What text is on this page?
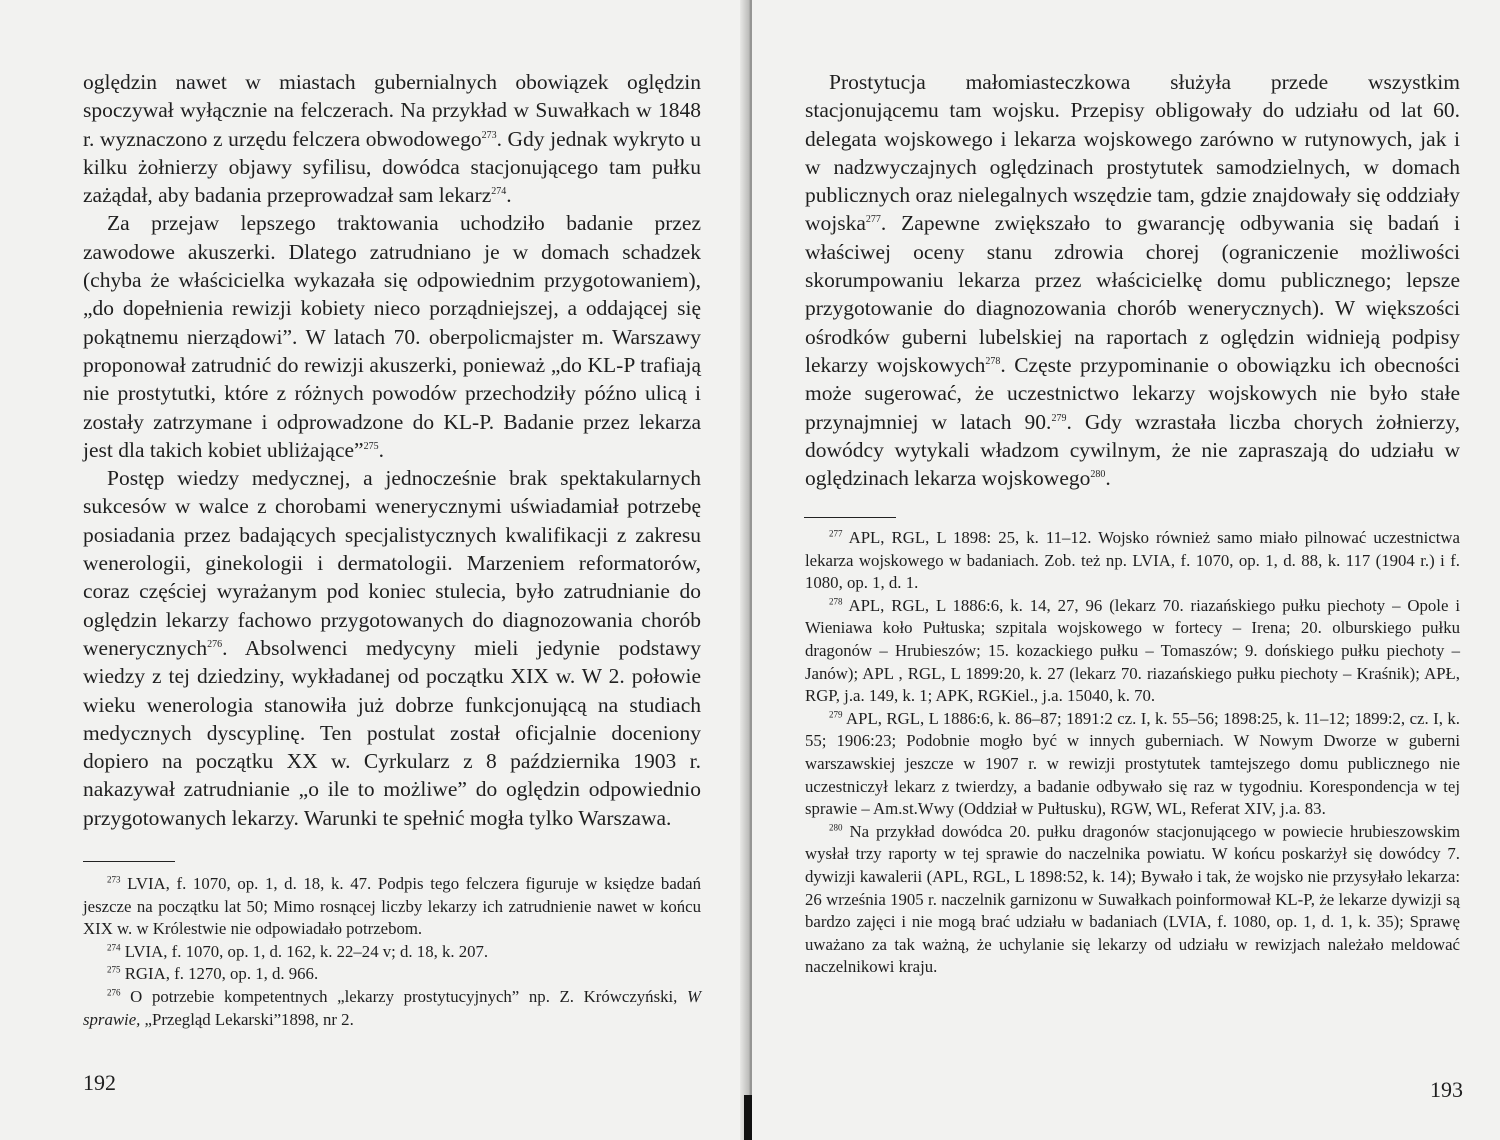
oględzin nawet w miastach gubernialnych obowiązek oględzin spoczywał wyłącznie na felczerach. Na przykład w Suwałkach w 1848 r. wyznaczono z urzędu felczera obwodowego$^{273}$. Gdy jednak wykryto u kilku żołnierzy objawy syfilisu, dowódca stacjonującego tam pułku zażądał, aby badania przeprowadzał sam lekarz$^{274}$.

Za przejaw lepszego traktowania uchodziło badanie przez zawodowe akuszerki. Dlatego zatrudniano je w domach schadzek (chyba że właścicielka wykazała się odpowiednim przygotowaniem), „do dopełnienia rewizji kobiety nieco porządniejszej, a oddającej się pokątnemu nierządowi”. W latach 70. oberpolicmajster m. Warszawy proponował zatrudnić do rewizji akuszerki, ponieważ „do KL-P trafiają nie prostytutki, które z różnych powodów przechodziły późno ulicą i zostały zatrzymane i odprowadzone do KL-P. Badanie przez lekarza jest dla takich kobiet ubliżające”$^{275}$.

Postęp wiedzy medycznej, a jednocześnie brak spektakularnych sukcesów w walce z chorobami wenerycznymi uświadamiał potrzebę posiadania przez badających specjalistycznych kwalifikacji z zakresu wenerologii, ginekologii i dermatologii. Marzeniem reformatorów, coraz częściej wyrażanym pod koniec stulecia, było zatrudnianie do oględzin lekarzy fachowo przygotowanych do diagnozowania chorób wenerycznych$^{276}$. Absolwenci medycyny mieli jedynie podstawy wiedzy z tej dziedziny, wykładanej od początku XIX w. W 2. połowie wieku wenerologia stanowiła już dobrze funkcjonującą na studiach medycznych dyscyplinę. Ten postulat został oficjalnie doceniony dopiero na początku XX w. Cyrkularz z 8 października 1903 r. nakazywał zatrudnianie „o ile to możliwe” do oględzin odpowiednio przygotowanych lekarzy. Warunki te spełnić mogła tylko Warszawa.

$^{273}$ LVIA, f. 1070, op. 1, d. 18, k. 47. Podpis tego felczera figuruje w księdze badań jeszcze na początku lat 50; Mimo rosnącej liczby lekarzy ich zatrudnienie nawet w końcu XIX w. w Królestwie nie odpowiadało potrzebom.

$^{274}$ LVIA, f. 1070, op. 1, d. 162, k. 22–24 v; d. 18, k. 207.

$^{275}$ RGIA, f. 1270, op. 1, d. 966.

$^{276}$ O potrzebie kompetentnych „lekarzy prostytucyjnych” np. Z. Krówczyński, W sprawie, „Przegląd Lekarski”1898, nr 2.

192

Prostytucja małomiasteczkowa służyła przede wszystkim stacjonującemu tam wojsku. Przepisy obligowały do udziału od lat 60. delegata wojskowego i lekarza wojskowego zarówno w rutynowych, jak i w nadzwyczajnych oględzinach prostytutek samodzielnych, w domach publicznych oraz nielegalnych wszędzie tam, gdzie znajdowały się oddziały wojska$^{277}$. Zapewne zwiększało to gwarancję odbywania się badań i właściwej oceny stanu zdrowia chorej (ograniczenie możliwości skorumpowaniu lekarza przez właścicielkę domu publicznego; lepsze przygotowanie do diagnozowania chorób wenerycznych). W większości ośrodków guberni lubelskiej na raportach z oględzin widnieją podpisy lekarzy wojskowych$^{278}$. Częste przypominanie o obowiązku ich obecności może sugerować, że uczestnictwo lekarzy wojskowych nie było stałe przynajmniej w latach 90.$^{279}$. Gdy wzrastała liczba chorych żołnierzy, dowódcy wytykali władzom cywilnym, że nie zapraszają do udziału w oględzinach lekarza wojskowego$^{280}$.

$^{277}$ APL, RGL, L 1898: 25, k. 11–12. Wojsko również samo miało pilnować uczestnictwa lekarza wojskowego w badaniach. Zob. też np. LVIA, f. 1070, op. 1, d. 88, k. 117 (1904 r.) i f. 1080, op. 1, d. 1.

$^{278}$ APL, RGL, L 1886:6, k. 14, 27, 96 (lekarz 70. riazańskiego pułku piechoty – Opole i Wieniawa koło Pułtuska; szpitala wojskowego w fortecy – Irena; 20. olburskiego pułku dragonów – Hrubieszów; 15. kozackiego pułku – Tomaszów; 9. dońskiego pułku piechoty – Janów); APL , RGL, L 1899:20, k. 27 (lekarz 70. riazańskiego pułku piechoty – Kraśnik); APŁ, RGP, j.a. 149, k. 1; APK, RGKiel., j.a. 15040, k. 70.

$^{279}$ APL, RGL, L 1886:6, k. 86–87; 1891:2 cz. I, k. 55–56; 1898:25, k. 11–12; 1899:2, cz. I, k. 55; 1906:23; Podobnie mogło być w innych guberniach. W Nowym Dworze w guberni warszawskiej jeszcze w 1907 r. w rewizji prostytutek tamtejszego domu publicznego nie uczestniczył lekarz z twierdzy, a badanie odbywało się raz w tygodniu. Korespondencja w tej sprawie – Am.st.Wwy (Oddział w Pułtusku), RGW, WL, Referat XIV, j.a. 83.

$^{280}$ Na przykład dowódca 20. pułku dragonów stacjonującego w powiecie hrubieszowskim wysłał trzy raporty w tej sprawie do naczelnika powiatu. W końcu poskarżył się dowódcy 7. dywizji kawalerii (APL, RGL, L 1898:52, k. 14); Bywało i tak, że wojsko nie przysyłało lekarza: 26 września 1905 r. naczelnik garnizonu w Suwałkach poinformował KL-P, że lekarze dywizji są bardzo zajęci i nie mogą brać udziału w badaniach (LVIA, f. 1080, op. 1, d. 1, k. 35); Sprawę uważano za tak ważną, że uchylanie się lekarzy od udziału w rewizjach należało meldować naczelnikowi kraju.

193
